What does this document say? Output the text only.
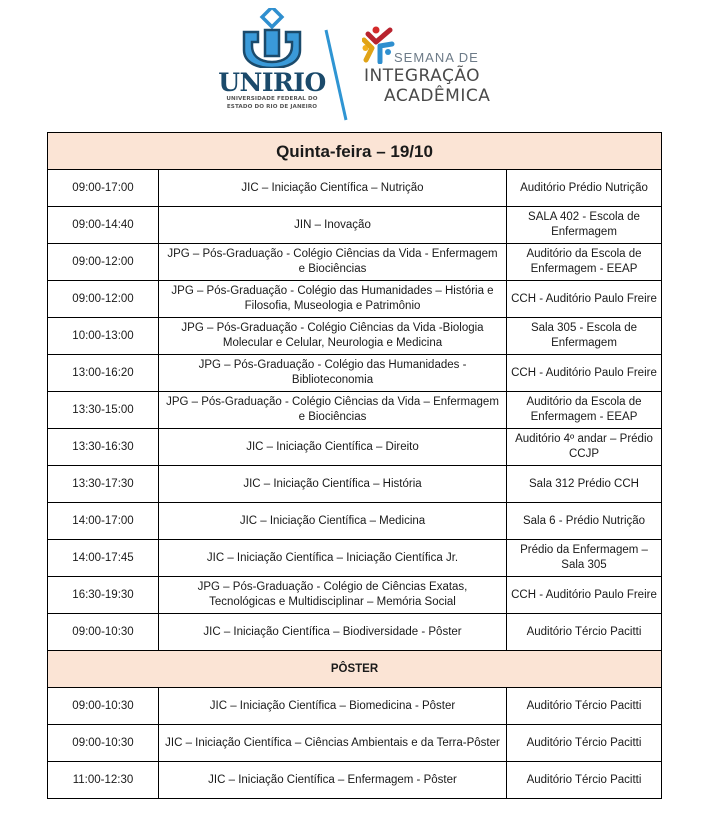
UNIRIO
UNIVERSIDADE FEDERAL DO
ESTADO DO RIO DE JANEIRO
SEMANA DE
INTEGRAÇÃO
ACADÊMICA
Quinta-feira – 19/10		
09:00-17:00	JIC – Iniciação Científica – Nutrição	Auditório Prédio Nutrição
09:00-14:40	JIN – Inovação	SALA 402 - Escola de Enfermagem
09:00-12:00	JPG – Pós-Graduação - Colégio Ciências da Vida - Enfermagem e Biociências	Auditório da Escola de Enfermagem - EEAP
09:00-12:00	JPG – Pós-Graduação - Colégio das Humanidades – História e Filosofia, Museologia e Patrimônio	CCH - Auditório Paulo Freire
10:00-13:00	JPG – Pós-Graduação - Colégio Ciências da Vida -Biologia Molecular e Celular, Neurologia e Medicina	Sala 305 - Escola de Enfermagem
13:00-16:20	JPG – Pós-Graduação - Colégio das Humanidades - Biblioteconomia	CCH - Auditório Paulo Freire
13:30-15:00	JPG – Pós-Graduação - Colégio Ciências da Vida – Enfermagem e Biociências	Auditório da Escola de Enfermagem - EEAP
13:30-16:30	JIC – Iniciação Científica – Direito	Auditório 4º andar – Prédio CCJP
13:30-17:30	JIC – Iniciação Científica – História	Sala 312 Prédio CCH
14:00-17:00	JIC – Iniciação Científica – Medicina	Sala 6 - Prédio Nutrição
14:00-17:45	JIC – Iniciação Científica – Iniciação Científica Jr.	Prédio da Enfermagem – Sala 305
16:30-19:30	JPG – Pós-Graduação - Colégio de Ciências Exatas, Tecnológicas e Multidisciplinar – Memória Social	CCH - Auditório Paulo Freire
09:00-10:30	JIC – Iniciação Científica – Biodiversidade - Pôster	Auditório Tércio Pacitti
PÔSTER		
09:00-10:30	JIC – Iniciação Científica – Biomedicina - Pôster	Auditório Tércio Pacitti
09:00-10:30	JIC – Iniciação Científica – Ciências Ambientais e da Terra-Pôster	Auditório Tércio Pacitti
11:00-12:30	JIC – Iniciação Científica – Enfermagem - Pôster	Auditório Tércio Pacitti
